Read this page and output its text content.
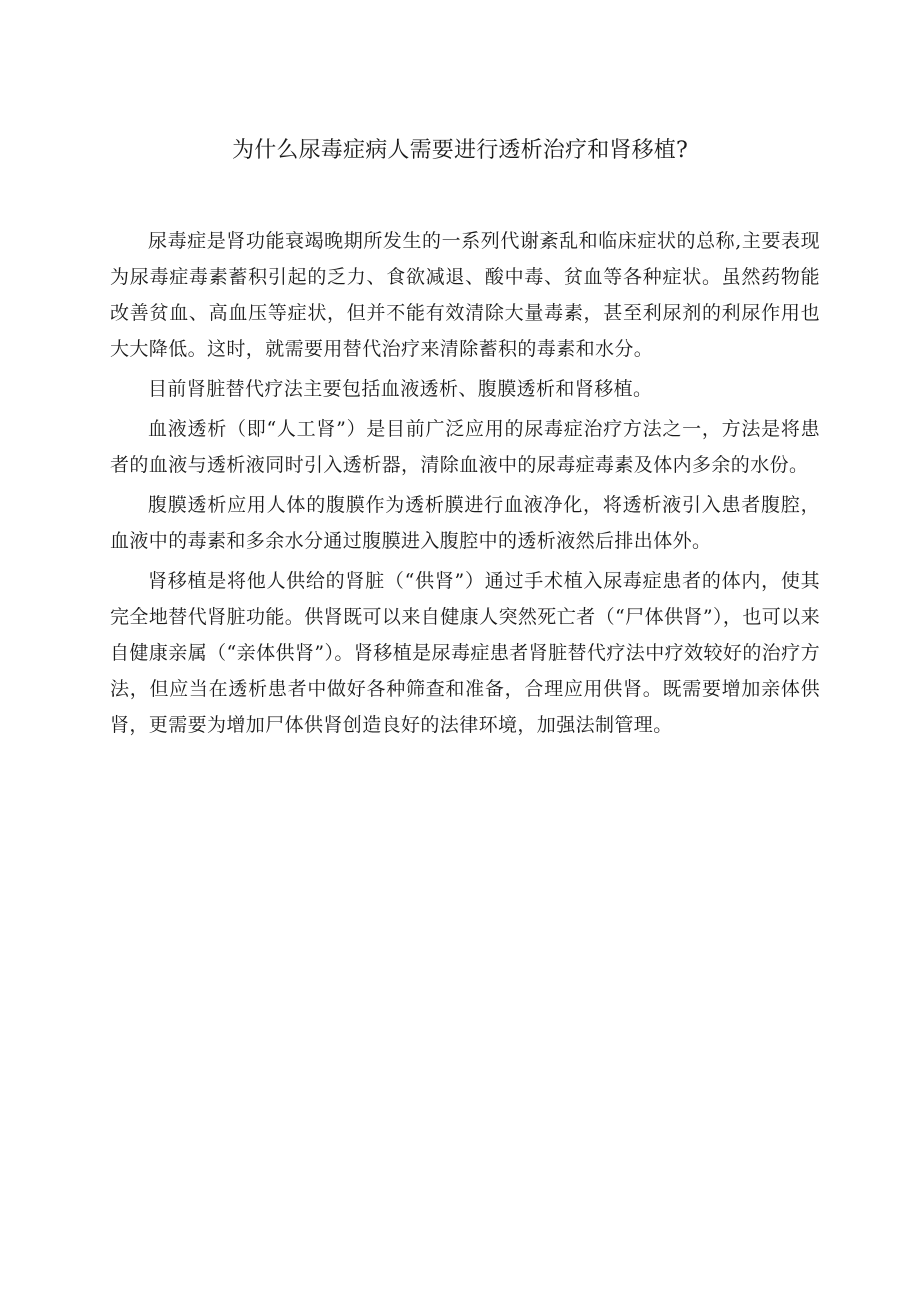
为什么尿毒症病人需要进行透析治疗和肾移植?

尿毒症是肾功能衰竭晚期所发生的一系列代谢紊乱和临床症状的总称,主要表现为尿毒症毒素蓄积引起的乏力、食欲减退、酸中毒、贫血等各种症状。虽然药物能改善贫血、高血压等症状，但并不能有效清除大量毒素，甚至利尿剂的利尿作用也大大降低。这时，就需要用替代治疗来清除蓄积的毒素和水分。

目前肾脏替代疗法主要包括血液透析、腹膜透析和肾移植。

血液透析（即“人工肾”）是目前广泛应用的尿毒症治疗方法之一，方法是将患者的血液与透析液同时引入透析器，清除血液中的尿毒症毒素及体内多余的水份。

腹膜透析应用人体的腹膜作为透析膜进行血液净化，将透析液引入患者腹腔，血液中的毒素和多余水分通过腹膜进入腹腔中的透析液然后排出体外。

肾移植是将他人供给的肾脏（“供肾”）通过手术植入尿毒症患者的体内，使其完全地替代肾脏功能。供肾既可以来自健康人突然死亡者（“尸体供肾”），也可以来自健康亲属（“亲体供肾”）。肾移植是尿毒症患者肾脏替代疗法中疗效较好的治疗方法，但应当在透析患者中做好各种筛查和准备，合理应用供肾。既需要增加亲体供肾，更需要为增加尸体供肾创造良好的法律环境，加强法制管理。
